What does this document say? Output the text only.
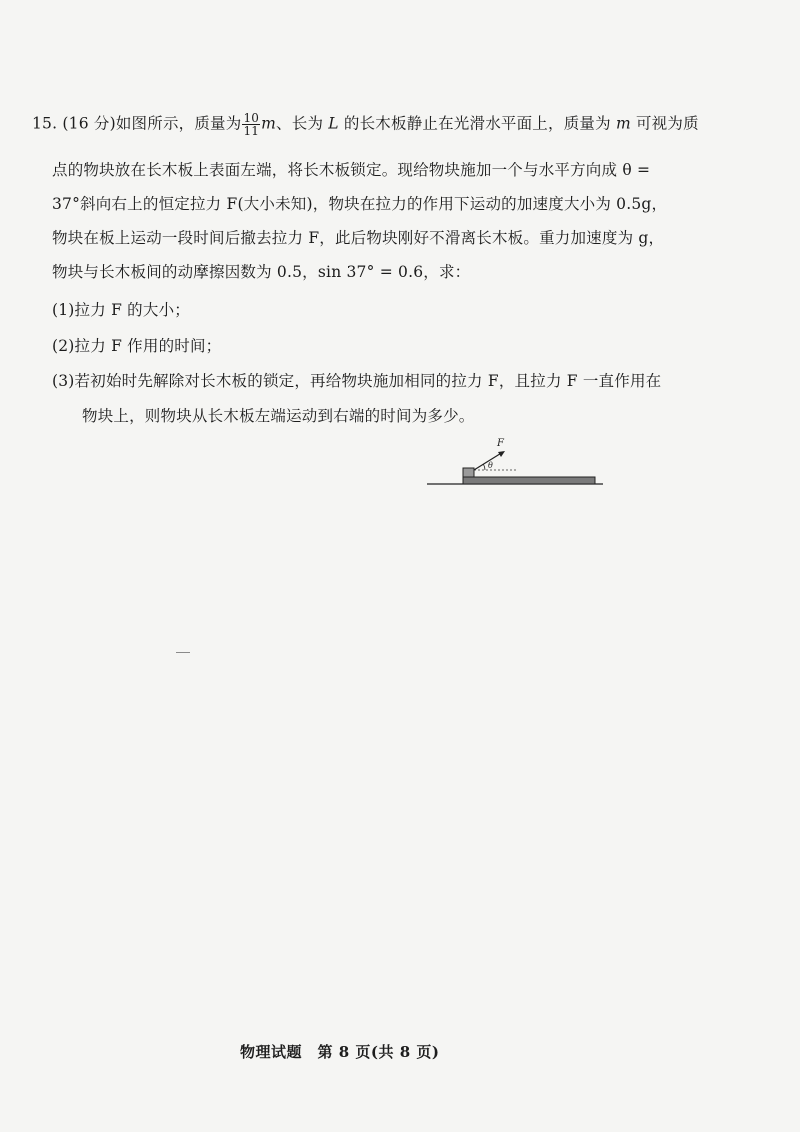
15. (16 分)如图所示，质量为 $\frac{10}{11}$ m、长为 L 的长木板静止在光滑水平面上，质量为 m 可视为质
点的物块放在长木板上表面左端，将长木板锁定。现给物块施加一个与水平方向成 θ =
37°斜向右上的恒定拉力 F(大小未知)，物块在拉力的作用下运动的加速度大小为 0.5g，
物块在板上运动一段时间后撤去拉力 F，此后物块刚好不滑离长木板。重力加速度为 g，
物块与长木板间的动摩擦因数为 0.5，sin 37° = 0.6，求：
(1)拉力 F 的大小；
(2)拉力 F 作用的时间；
(3)若初始时先解除对长木板的锁定，再给物块施加相同的拉力 F，且拉力 F 一直作用在
物块上，则物块从长木板左端运动到右端的时间为多少。
F
θ
物理试题　第 8 页(共 8 页)
